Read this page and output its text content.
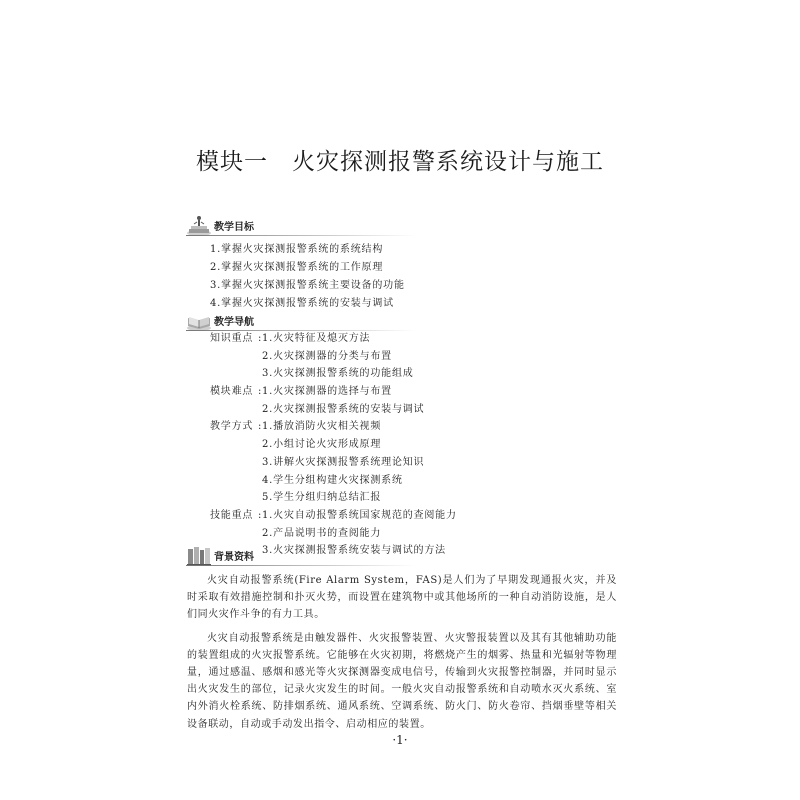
模块一 火灾探测报警系统设计与施工
教学目标
1.掌握火灾探测报警系统的系统结构
2.掌握火灾探测报警系统的工作原理
3.掌握火灾探测报警系统主要设备的功能
4.掌握火灾探测报警系统的安装与调试
教学导航
知识重点 : 1.火灾特征及熄灭方法
2.火灾探测器的分类与布置
3.火灾探测报警系统的功能组成
模块难点 : 1.火灾探测器的选择与布置
2.火灾探测报警系统的安装与调试
教学方式 : 1.播放消防火灾相关视频
2.小组讨论火灾形成原理
3.讲解火灾探测报警系统理论知识
4.学生分组构建火灾探测系统
5.学生分组归纳总结汇报
技能重点 : 1.火灾自动报警系统国家规范的查阅能力
2.产品说明书的查阅能力
3.火灾探测报警系统安装与调试的方法
背景资料

火灾自动报警系统(Fire Alarm System，FAS)是人们为了早期发现通报火灾，并及时采取有效措施控制和扑灭火势，而设置在建筑物中或其他场所的一种自动消防设施，是人们同火灾作斗争的有力工具。

火灾自动报警系统是由触发器件、火灾报警装置、火灾警报装置以及其有其他辅助功能的装置组成的火灾报警系统。它能够在火灾初期，将燃烧产生的烟雾、热量和光辐射等物理量，通过感温、感烟和感光等火灾探测器变成电信号，传输到火灾报警控制器，并同时显示出火灾发生的部位，记录火灾发生的时间。一般火灾自动报警系统和自动喷水灭火系统、室内外消火栓系统、防排烟系统、通风系统、空调系统、防火门、防火卷帘、挡烟垂壁等相关设备联动，自动或手动发出指令、启动相应的装置。

·1·
